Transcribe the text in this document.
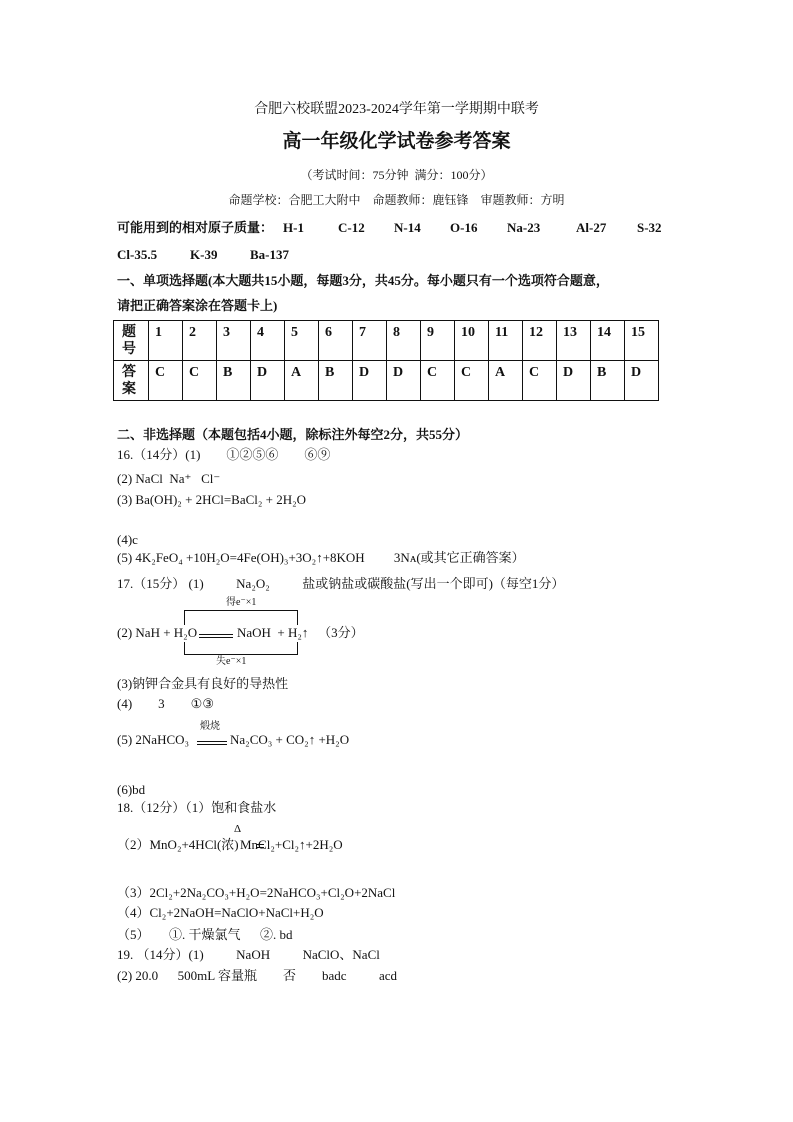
合肥六校联盟2023-2024学年第一学期期中联考
高一年级化学试卷参考答案
（考试时间：75分钟  满分：100分）
命题学校：合肥工大附中    命题教师：鹿钰锋    审题教师：方明
可能用到的相对原子质量： H-1	C-12 N-14 O-16 Na-23	Al-27 S-32
Cl-35.5	K-39	Ba-137
一、单项选择题(本大题共15小题，每题3分，共45分。每小题只有一个选项符合题意，
请把正确答案涂在答题卡上)
题号	1	2	3	4	5	6	7	8	9	10	11	12	13	14	15
答案	C	C	B	D	A	B	D	D	C	C	A	C	D	B	D
二、非选择题（本题包括4小题，除标注外每空2分，共55分）
16.（14分）(1)        ①②⑤⑥        ⑥⑨
(2) NaCl  Na⁺   Cl⁻
(3) Ba(OH)₂ + 2HCl=BaCl₂ + 2H₂O
(4)c
(5) 4K₂FeO₄ +10H₂O=4Fe(OH)₃+3O₂↑+8KOH         3Nᴀ(或其它正确答案）
17.（15分） (1)          Na₂O₂          盐或钠盐或碳酸盐(写出一个即可)（每空1分）
得e⁻×1
(2) NaH + H₂O	NaOH  + H₂↑   （3分）
失e⁻×1
(3)钠钾合金具有良好的导热性
(4)        3        ①③
(5) 2NaHCO₃
煅烧
Na₂CO₃ + CO₂↑ +H₂O
(6)bd
18.（12分）（1）饱和食盐水
（2）MnO₂+4HCl(浓)
Δ
MnCl₂+Cl₂↑+2H₂O
（3）2Cl₂+2Na₂CO₃+H₂O=2NaHCO₃+Cl₂O+2NaCl
（4）Cl₂+2NaOH=NaClO+NaCl+H₂O
（5）      ①. 干燥氯气      ②. bd
19. （14分）(1)          NaOH          NaClO、NaCl
(2) 20.0      500mL 容量瓶        否        badc          acd
